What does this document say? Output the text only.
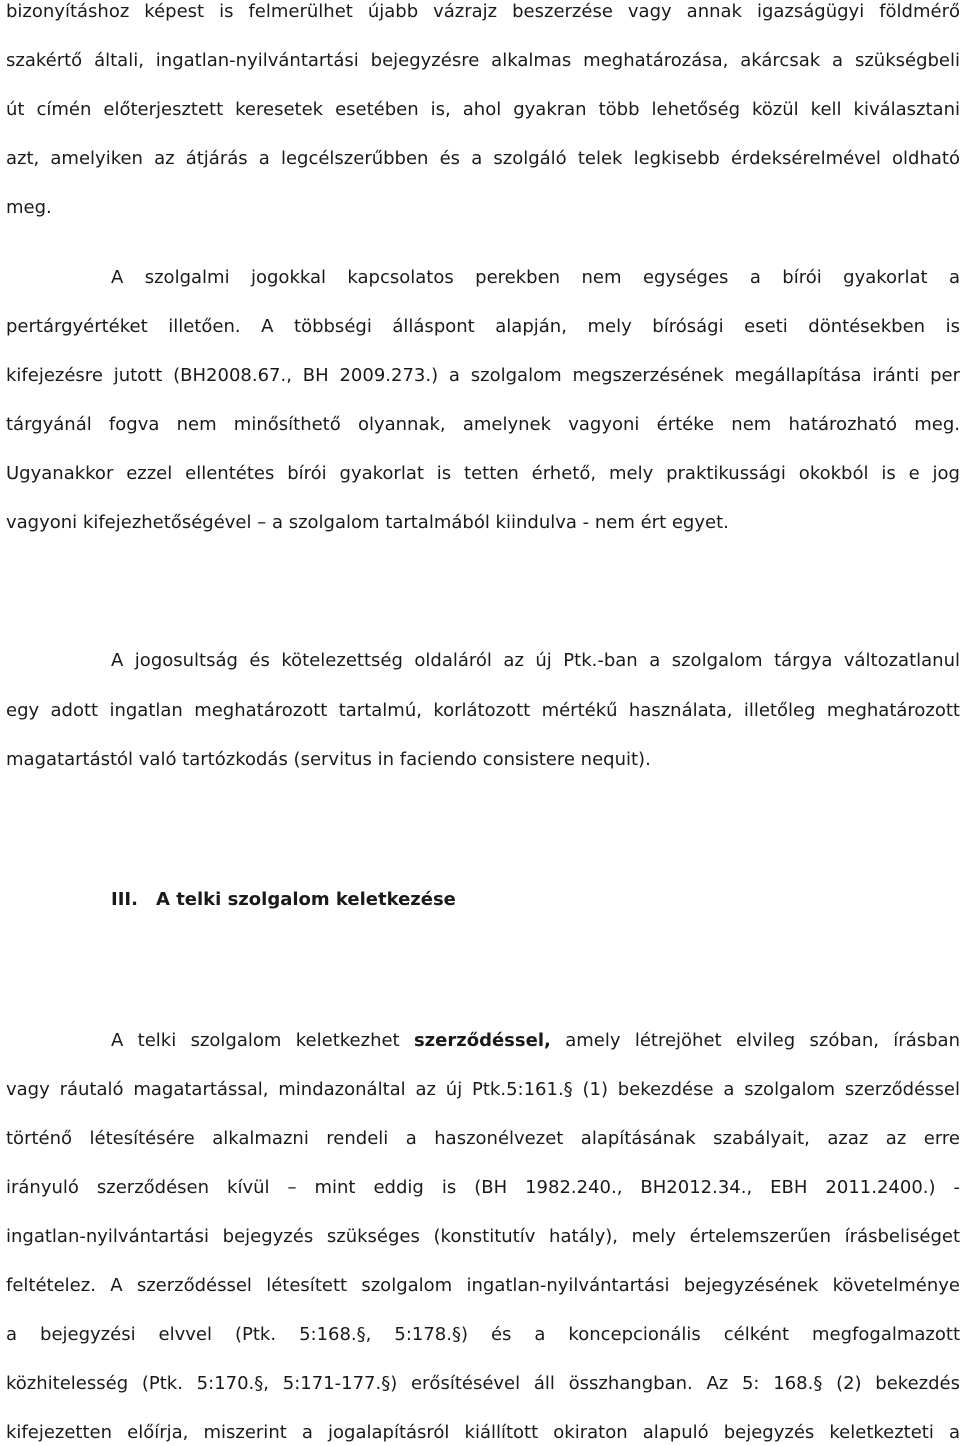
bizonyításhoz képest is felmerülhet újabb vázrajz beszerzése vagy annak igazságügyi földmérő
szakértő általi, ingatlan-nyilvántartási bejegyzésre alkalmas meghatározása, akárcsak a szükségbeli
út címén előterjesztett keresetek esetében is, ahol gyakran több lehetőség közül kell kiválasztani
azt, amelyiken az átjárás a legcélszerűbben és a szolgáló telek legkisebb érdeksérelmével oldható
meg.
A szolgalmi jogokkal kapcsolatos perekben nem egységes a bírói gyakorlat a
pertárgyértéket illetően. A többségi álláspont alapján, mely bírósági eseti döntésekben is
kifejezésre jutott (BH2008.67., BH 2009.273.) a szolgalom megszerzésének megállapítása iránti per
tárgyánál fogva nem minősíthető olyannak, amelynek vagyoni értéke nem határozható meg.
Ugyanakkor ezzel ellentétes bírói gyakorlat is tetten érhető, mely praktikussági okokból is e jog
vagyoni kifejezhetőségével – a szolgalom tartalmából kiindulva - nem ért egyet.
A jogosultság és kötelezettség oldaláról az új Ptk.-ban a szolgalom tárgya változatlanul
egy adott ingatlan meghatározott tartalmú, korlátozott mértékű használata, illetőleg meghatározott
magatartástól való tartózkodás (servitus in faciendo consistere nequit).
III. A telki szolgalom keletkezése
A telki szolgalom keletkezhet szerződéssel, amely létrejöhet elvileg szóban, írásban
vagy ráutaló magatartással, mindazonáltal az új Ptk.5:161.§ (1) bekezdése a szolgalom szerződéssel
történő létesítésére alkalmazni rendeli a haszonélvezet alapításának szabályait, azaz az erre
irányuló szerződésen kívül – mint eddig is (BH 1982.240., BH2012.34., EBH 2011.2400.) -
ingatlan-nyilvántartási bejegyzés szükséges (konstitutív hatály), mely értelemszerűen írásbeliséget
feltételez. A szerződéssel létesített szolgalom ingatlan-nyilvántartási bejegyzésének követelménye
a bejegyzési elvvel (Ptk. 5:168.§, 5:178.§) és a koncepcionális célként megfogalmazott
közhitelesség (Ptk. 5:170.§, 5:171-177.§) erősítésével áll összhangban. Az 5: 168.§ (2) bekezdés
kifejezetten előírja, miszerint a jogalapításról kiállított okiraton alapuló bejegyzés keletkezteti a
